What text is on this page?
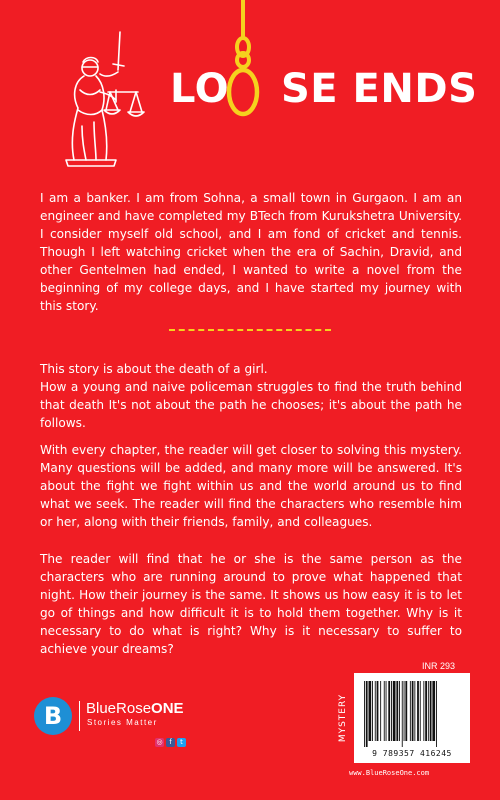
LO SE ENDS
I am a banker. I am from Sohna, a small town in Gurgaon. I am an engineer and have completed my BTech from Kurukshetra University. I consider myself old school, and I am fond of cricket and tennis. Though I left watching cricket when the era of Sachin, Dravid, and other Gentelmen had ended, I wanted to write a novel from the beginning of my college days, and I have started my journey with this story.
This story is about the death of a girl.
How a young and naive policeman struggles to find the truth behind that death It's not about the path he chooses; it's about the path he follows.
With every chapter, the reader will get closer to solving this mystery. Many questions will be added, and many more will be answered. It's about the fight we fight within us and the world around us to find what we seek. The reader will find the characters who resemble him or her, along with their friends, family, and colleagues.
The reader will find that he or she is the same person as the characters who are running around to prove what happened that night. How their journey is the same. It shows us how easy it is to let go of things and how difficult it is to hold them together. Why is it necessary to do what is right? Why is it necessary to suffer to achieve your dreams?
B	BlueRoseONE
Stories Matter
◎ f t
INR 293
MYSTERY
9 789357 416245
www.BlueRoseOne.com
